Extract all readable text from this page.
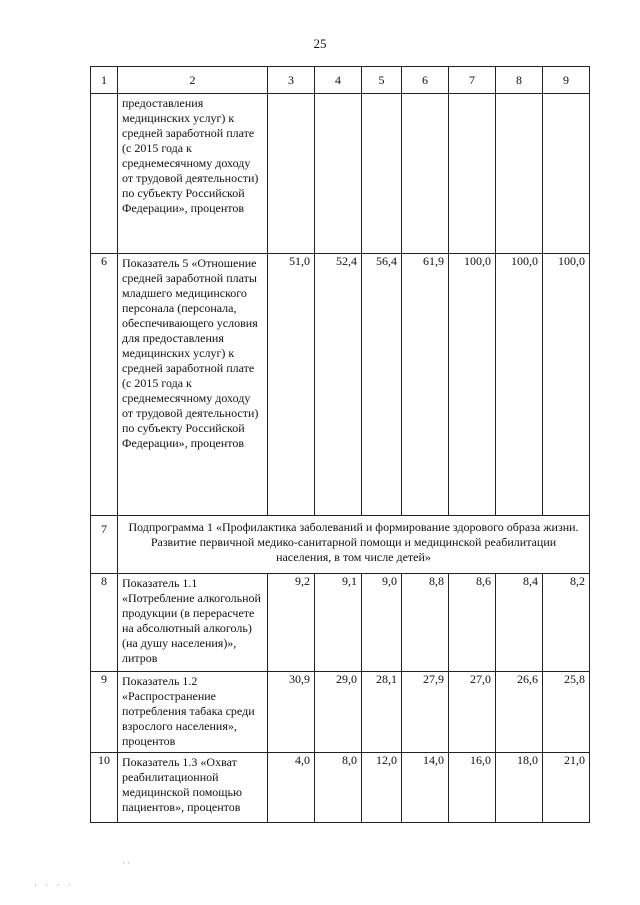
25
1	2	3	4	5	6	7	8	9
	предоставления медицинских услуг) к средней заработной плате (с 2015 года к среднемесячному доходу от трудовой деятельности) по субъекту Российской Федерации», процентов							
6	Показатель 5 «Отношение средней заработной платы младшего медицинского персонала (персонала, обеспечивающего условия для предоставления медицинских услуг) к средней заработной плате (с 2015 года к среднемесячному доходу от трудовой деятельности) по субъекту Российской Федерации», процентов	51,0	52,4	56,4	61,9	100,0	100,0	100,0
7	Подпрограмма 1 «Профилактика заболеваний и формирование здорового образа жизни. Развитие первичной медико-санитарной помощи и медицинской реабилитации населения, в том числе детей»							
8	Показатель 1.1 «Потребление алкогольной продукции (в перерасчете на абсолютный алкоголь) (на душу населения)», литров	9,2	9,1	9,0	8,8	8,6	8,4	8,2
9	Показатель 1.2 «Распространение потребления табака среди взрослого населения», процентов	30,9	29,0	28,1	27,9	27,0	26,6	25,8
10	Показатель 1.3 «Охват реабилитационной медицинской помощью пациентов», процентов	4,0	8,0	12,0	14,0	16,0	18,0	21,0
· ·
· · · ·
